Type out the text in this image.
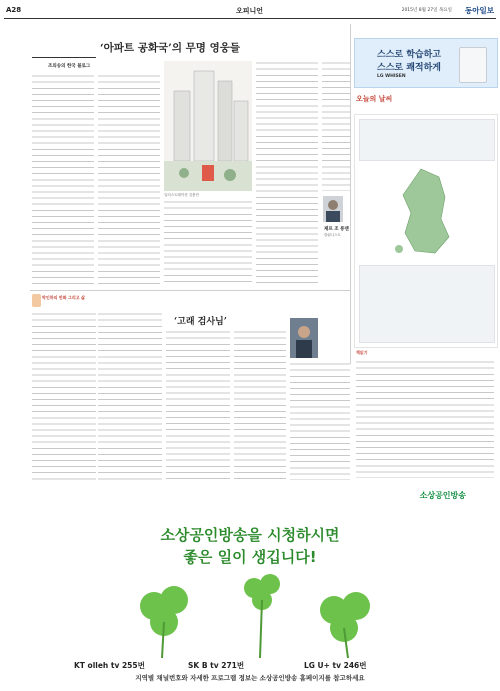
A28	오피니언	2015년 8월 27일 목요일 동아일보
‘아파트 공화국’의 무명 영웅들
조의송의 한국 블로그
일러스트레이션 김충민
제프 조 롱맨
칼럼니스트
박인하의 만화 그리고 삶
‘고래 검사님’
스스로 학습하고
스스로 쾌적하게
LG WHISEN
오늘의 날씨
책읽기
소상공인방송
소상공인방송을 시청하시면
좋은 일이 생깁니다!
KT olleh tv 255번	SK B tv 271번	LG U+ tv 246번
지역별 채널번호와 자세한 프로그램 정보는 소상공인방송 홈페이지를 참고하세요
